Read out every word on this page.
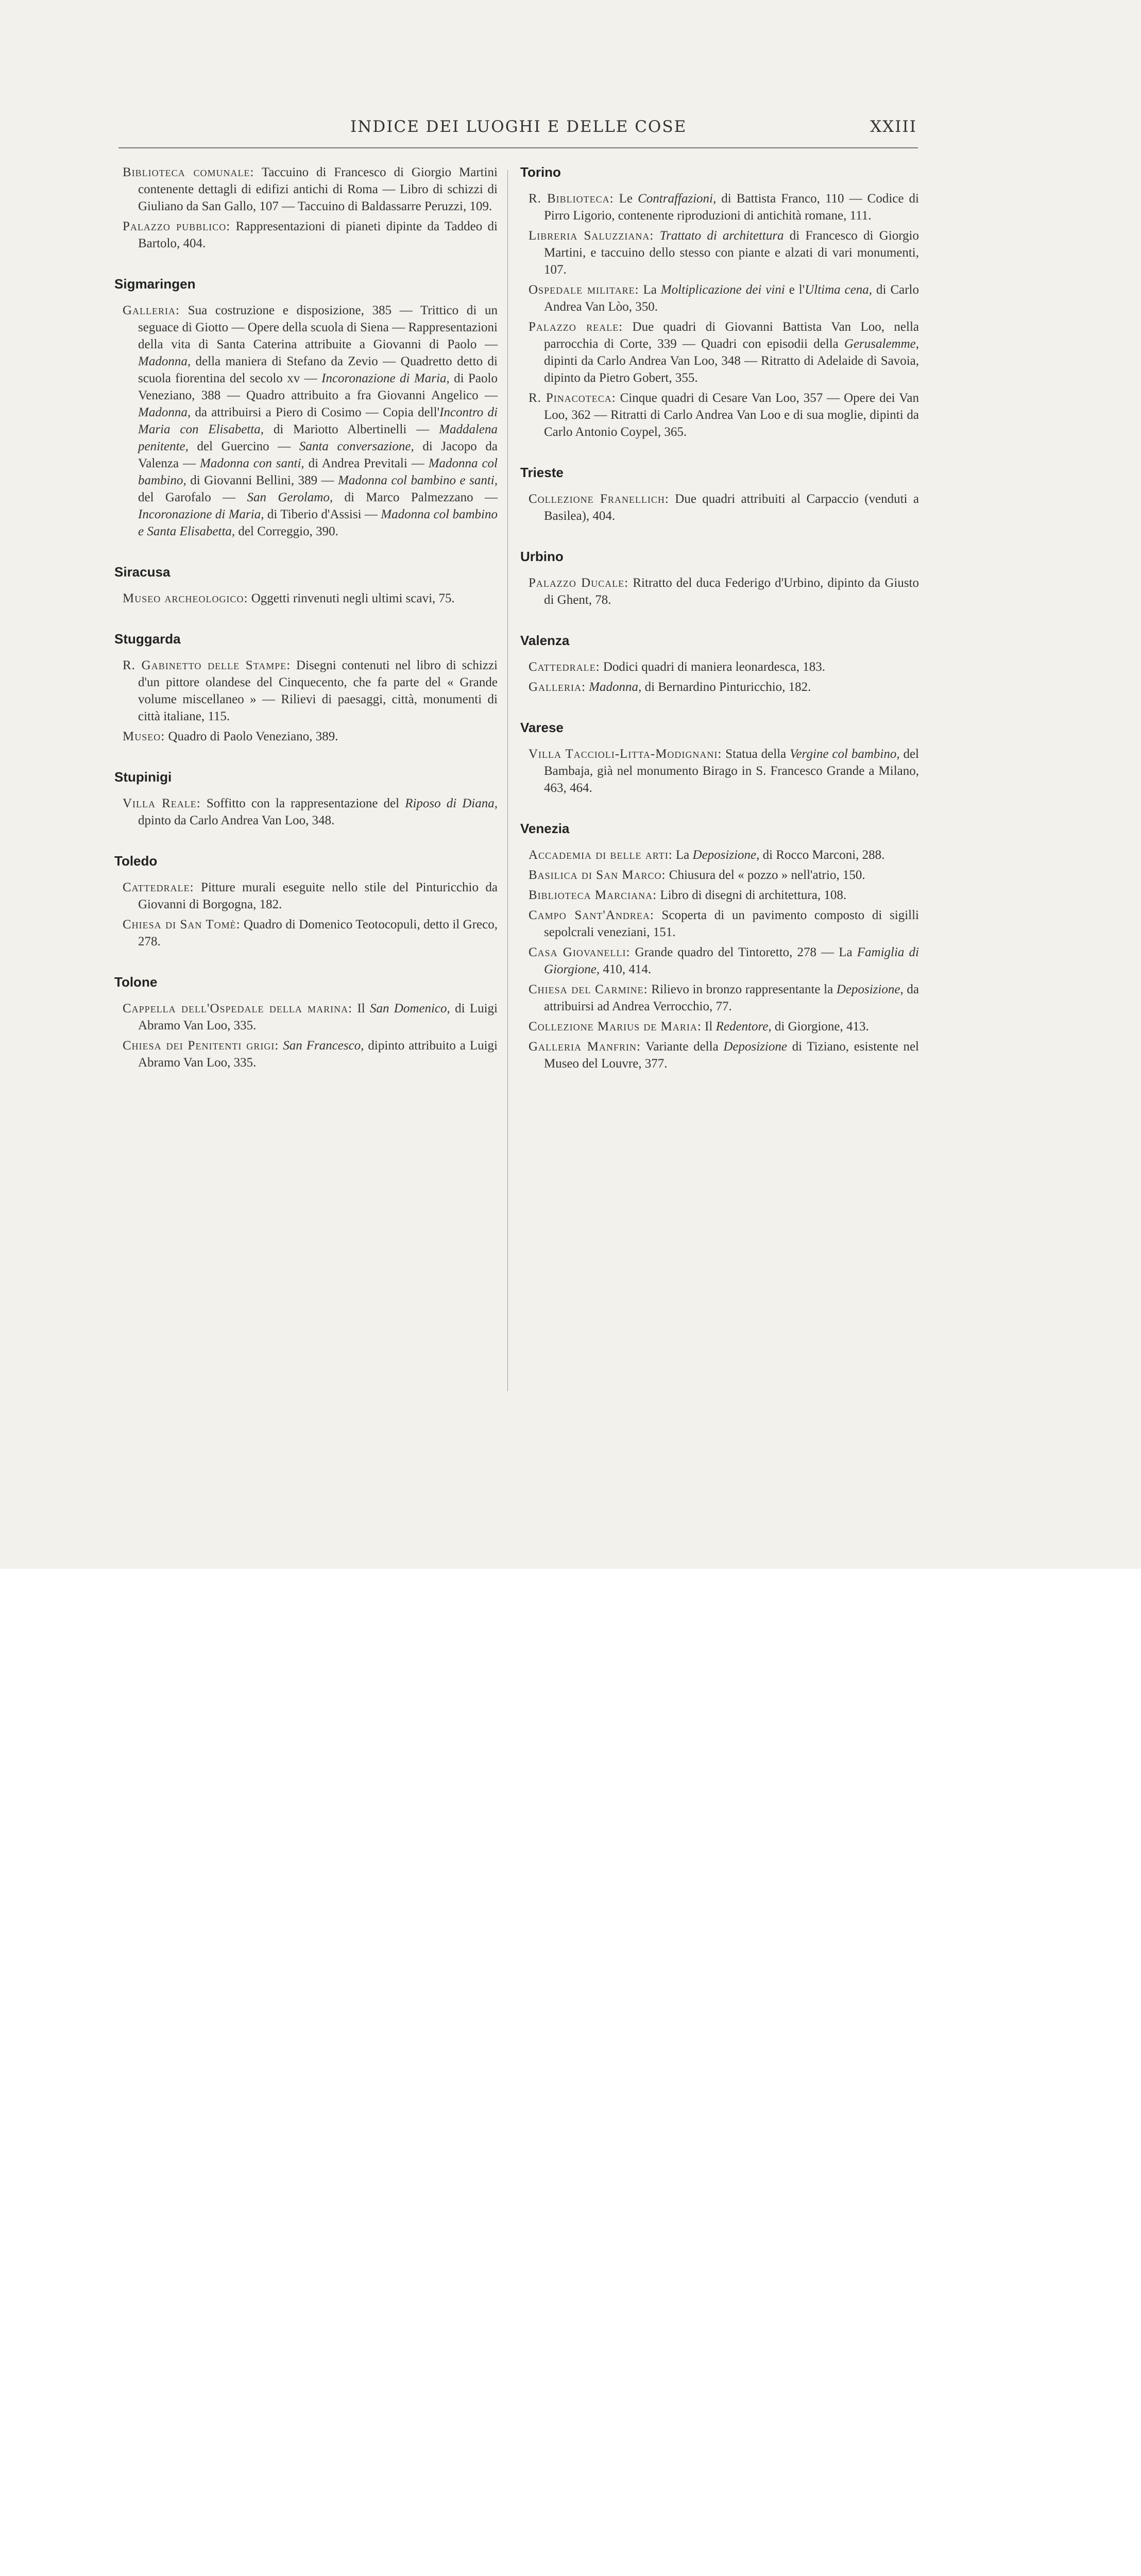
INDICE DEI LUOGHI E DELLE COSE	XXIII
Biblioteca comunale: Taccuino di Francesco di Giorgio Martini contenente dettagli di edifizi antichi di Roma — Libro di schizzi di Giuliano da San Gallo, 107 — Taccuino di Baldassarre Peruzzi, 109.
Palazzo pubblico: Rappresentazioni di pianeti dipinte da Taddeo di Bartolo, 404.
Sigmaringen
Galleria: Sua costruzione e disposizione, 385 — Trittico di un seguace di Giotto — Opere della scuola di Siena — Rappresentazioni della vita di Santa Caterina attribuite a Giovanni di Paolo — Madonna, della maniera di Stefano da Zevio — Quadretto detto di scuola fiorentina del secolo xv — Incoronazione di Maria, di Paolo Veneziano, 388 — Quadro attribuito a fra Giovanni Angelico — Madonna, da attribuirsi a Piero di Cosimo — Copia dell'Incontro di Maria con Elisabetta, di Mariotto Albertinelli — Maddalena penitente, del Guercino — Santa conversazione, di Jacopo da Valenza — Madonna con santi, di Andrea Previtali — Madonna col bambino, di Giovanni Bellini, 389 — Madonna col bambino e santi, del Garofalo — San Gerolamo, di Marco Palmezzano — Incoronazione di Maria, di Tiberio d'Assisi — Madonna col bambino e Santa Elisabetta, del Correggio, 390.
Siracusa
Museo archeologico: Oggetti rinvenuti negli ultimi scavi, 75.
Stuggarda
R. Gabinetto delle Stampe: Disegni contenuti nel libro di schizzi d'un pittore olandese del Cinquecento, che fa parte del « Grande volume miscellaneo » — Rilievi di paesaggi, città, monumenti di città italiane, 115.
Museo: Quadro di Paolo Veneziano, 389.
Stupinigi
Villa Reale: Soffitto con la rappresentazione del Riposo di Diana, dpinto da Carlo Andrea Van Loo, 348.
Toledo
Cattedrale: Pitture murali eseguite nello stile del Pinturicchio da Giovanni di Borgogna, 182.
Chiesa di San Tomè: Quadro di Domenico Teotocopuli, detto il Greco, 278.
Tolone
Cappella dell'Ospedale della marina: Il San Domenico, di Luigi Abramo Van Loo, 335.
Chiesa dei Penitenti grigi: San Francesco, dipinto attribuito a Luigi Abramo Van Loo, 335.
Torino
R. Biblioteca: Le Contraffazioni, di Battista Franco, 110 — Codice di Pirro Ligorio, contenente riproduzioni di antichità romane, 111.
Libreria Saluzziana: Trattato di architettura di Francesco di Giorgio Martini, e taccuino dello stesso con piante e alzati di vari monumenti, 107.
Ospedale militare: La Moltiplicazione dei vini e l'Ultima cena, di Carlo Andrea Van Lòo, 350.
Palazzo reale: Due quadri di Giovanni Battista Van Loo, nella parrocchia di Corte, 339 — Quadri con episodii della Gerusalemme, dipinti da Carlo Andrea Van Loo, 348 — Ritratto di Adelaide di Savoia, dipinto da Pietro Gobert, 355.
R. Pinacoteca: Cinque quadri di Cesare Van Loo, 357 — Opere dei Van Loo, 362 — Ritratti di Carlo Andrea Van Loo e di sua moglie, dipinti da Carlo Antonio Coypel, 365.
Trieste
Collezione Franellich: Due quadri attribuiti al Carpaccio (venduti a Basilea), 404.
Urbino
Palazzo Ducale: Ritratto del duca Federigo d'Urbino, dipinto da Giusto di Ghent, 78.
Valenza
Cattedrale: Dodici quadri di maniera leonardesca, 183.
Galleria: Madonna, di Bernardino Pinturicchio, 182.
Varese
Villa Taccioli-Litta-Modignani: Statua della Vergine col bambino, del Bambaja, già nel monumento Birago in S. Francesco Grande a Milano, 463, 464.
Venezia
Accademia di belle arti: La Deposizione, di Rocco Marconi, 288.
Basilica di San Marco: Chiusura del « pozzo » nell'atrio, 150.
Biblioteca Marciana: Libro di disegni di architettura, 108.
Campo Sant'Andrea: Scoperta di un pavimento composto di sigilli sepolcrali veneziani, 151.
Casa Giovanelli: Grande quadro del Tintoretto, 278 — La Famiglia di Giorgione, 410, 414.
Chiesa del Carmine: Rilievo in bronzo rappresentante la Deposizione, da attribuirsi ad Andrea Verrocchio, 77.
Collezione Marius de Maria: Il Redentore, di Giorgione, 413.
Galleria Manfrin: Variante della Deposizione di Tiziano, esistente nel Museo del Louvre, 377.
